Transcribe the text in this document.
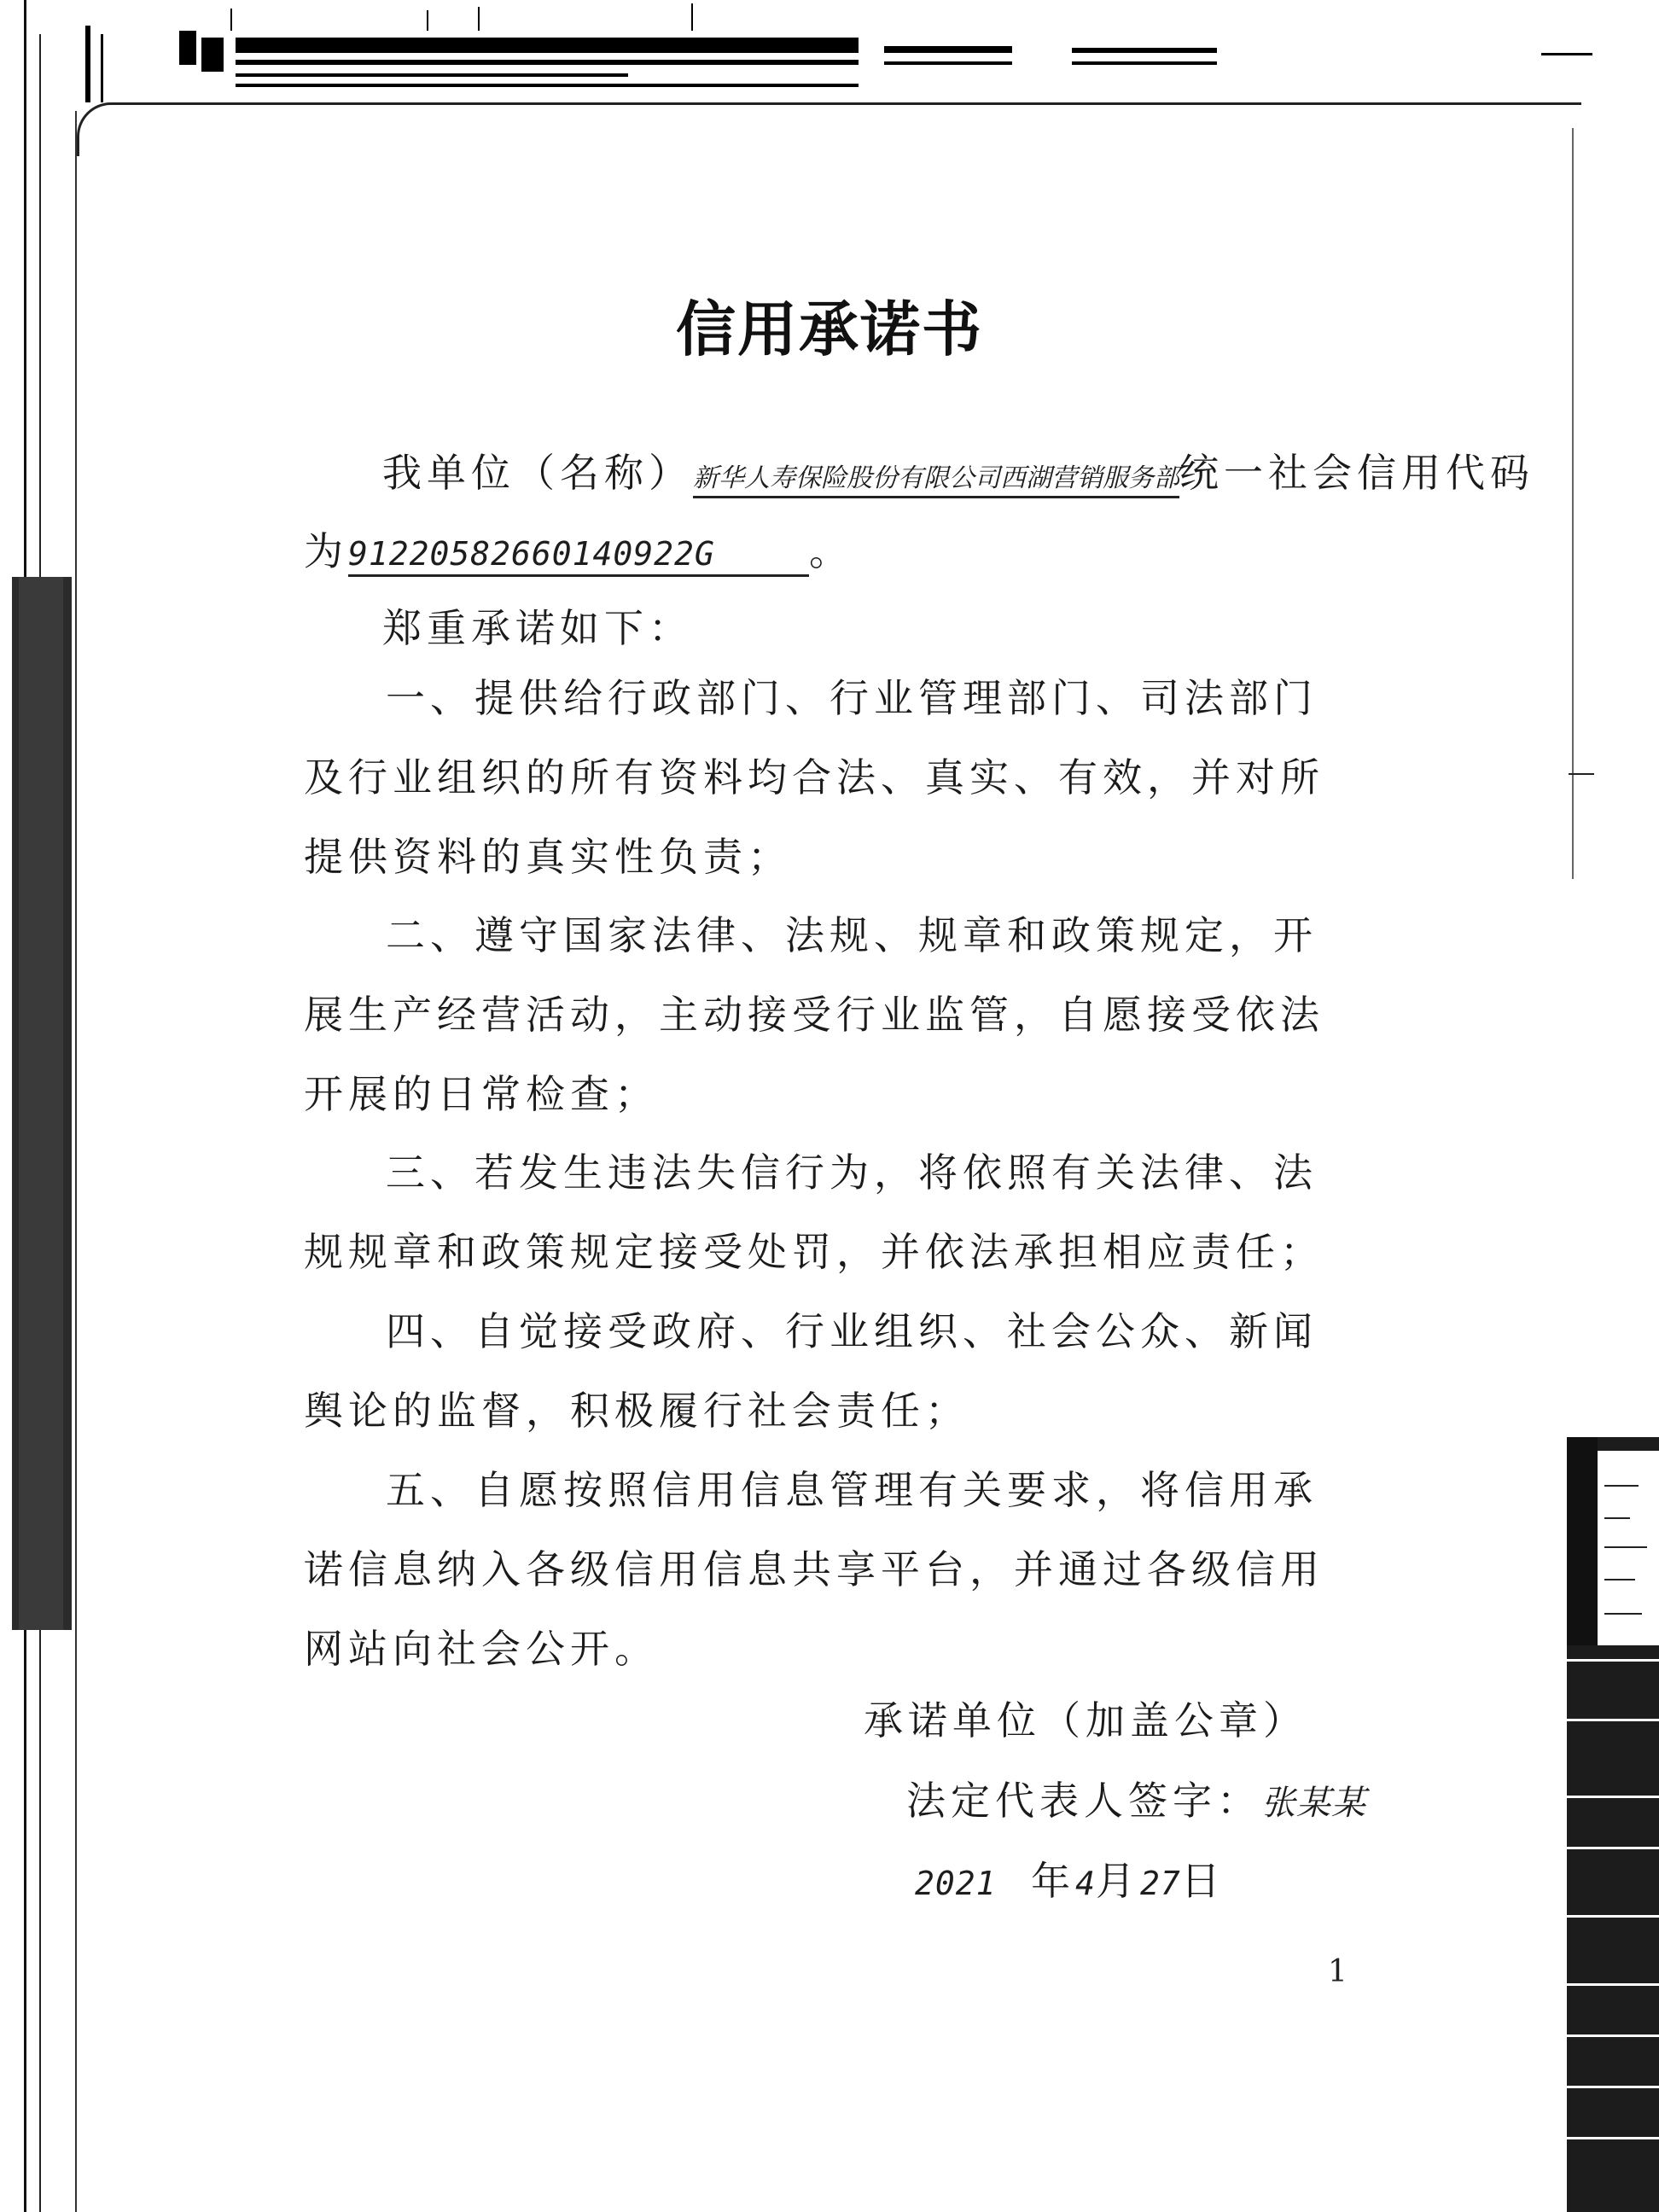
信用承诺书
我单位（名称）新华人寿保险股份有限公司西湖营销服务部统一社会信用代码
为91220582660140922G 。
郑重承诺如下：

一、提供给行政部门、行业管理部门、司法部门及行业组织的所有资料均合法、真实、有效，并对所提供资料的真实性负责；

二、遵守国家法律、法规、规章和政策规定，开展生产经营活动，主动接受行业监管，自愿接受依法开展的日常检查；

三、若发生违法失信行为，将依照有关法律、法规规章和政策规定接受处罚，并依法承担相应责任；

四、自觉接受政府、行业组织、社会公众、新闻舆论的监督，积极履行社会责任；

五、自愿按照信用信息管理有关要求，将信用承诺信息纳入各级信用信息共享平台，并通过各级信用网站向社会公开。

承诺单位（加盖公章）
法定代表人签字：张某某
2021 年4月27日
1
